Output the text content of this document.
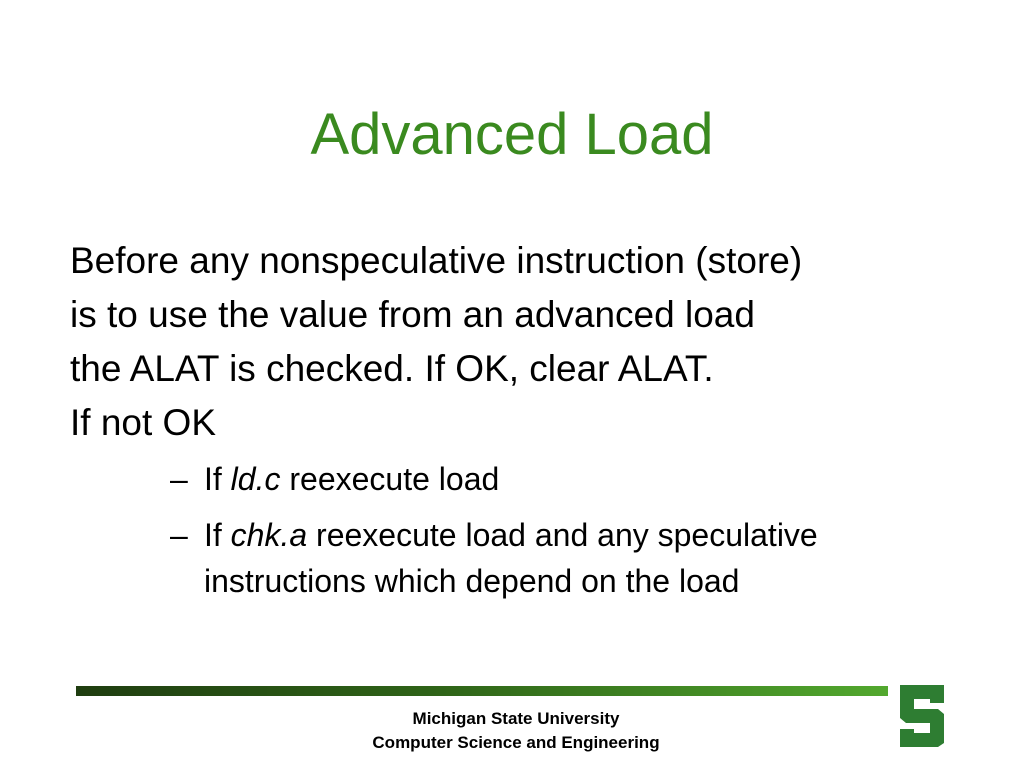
Advanced Load

Before any nonspeculative instruction (store)
is to use the value from an advanced load
the ALAT is checked. If OK, clear ALAT.
If not OK

– If ld.c reexecute load

– If chk.a reexecute load and any speculative
instructions which depend on the load

Michigan State University
Computer Science and Engineering
